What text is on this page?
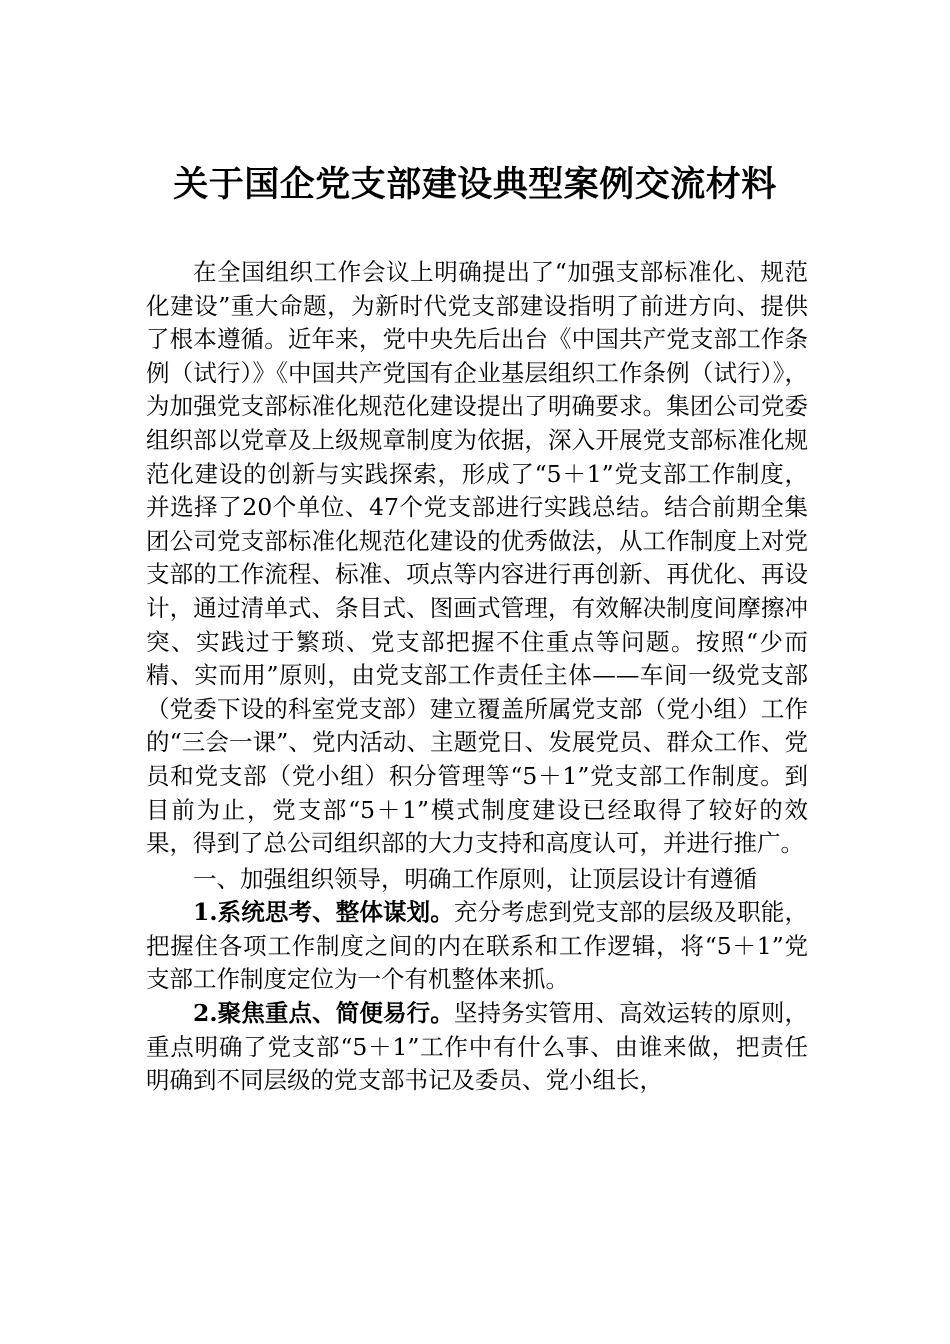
关于国企党支部建设典型案例交流材料

在全国组织工作会议上明确提出了“加强支部标准化、规范化建设”重大命题，为新时代党支部建设指明了前进方向、提供了根本遵循。近年来，党中央先后出台《中国共产党支部工作条例（试行）》《中国共产党国有企业基层组织工作条例（试行）》，为加强党支部标准化规范化建设提出了明确要求。集团公司党委组织部以党章及上级规章制度为依据，深入开展党支部标准化规范化建设的创新与实践探索，形成了“5＋1”党支部工作制度，并选择了20个单位、47个党支部进行实践总结。结合前期全集团公司党支部标准化规范化建设的优秀做法，从工作制度上对党支部的工作流程、标准、项点等内容进行再创新、再优化、再设计，通过清单式、条目式、图画式管理，有效解决制度间摩擦冲突、实践过于繁琐、党支部把握不住重点等问题。按照“少而精、实而用”原则，由党支部工作责任主体——车间一级党支部（党委下设的科室党支部）建立覆盖所属党支部（党小组）工作的“三会一课”、党内活动、主题党日、发展党员、群众工作、党员和党支部（党小组）积分管理等“5＋1”党支部工作制度。到目前为止，党支部“5＋1”模式制度建设已经取得了较好的效果，得到了总公司组织部的大力支持和高度认可，并进行推广。

一、加强组织领导，明确工作原则，让顶层设计有遵循

1.系统思考、整体谋划。充分考虑到党支部的层级及职能，把握住各项工作制度之间的内在联系和工作逻辑，将“5＋1”党支部工作制度定位为一个有机整体来抓。

2.聚焦重点、简便易行。坚持务实管用、高效运转的原则，重点明确了党支部“5＋1”工作中有什么事、由谁来做，把责任明确到不同层级的党支部书记及委员、党小组长，
